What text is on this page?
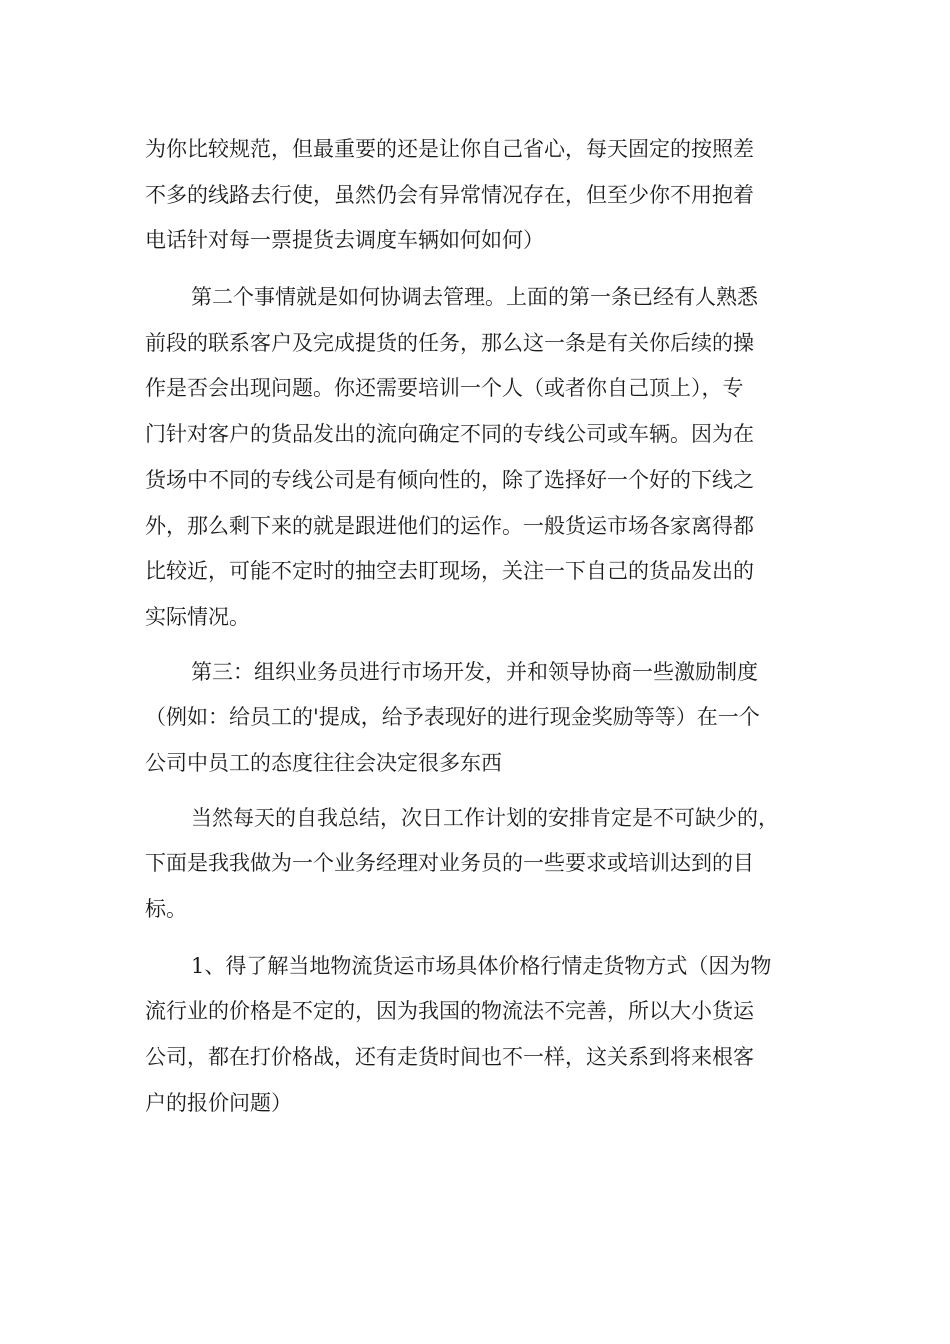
为你比较规范，但最重要的还是让你自己省心，每天固定的按照差
不多的线路去行使，虽然仍会有异常情况存在，但至少你不用抱着
电话针对每一票提货去调度车辆如何如何）
第二个事情就是如何协调去管理。上面的第一条已经有人熟悉
前段的联系客户及完成提货的任务，那么这一条是有关你后续的操
作是否会出现问题。你还需要培训一个人（或者你自己顶上），专
门针对客户的货品发出的流向确定不同的专线公司或车辆。因为在
货场中不同的专线公司是有倾向性的，除了选择好一个好的下线之
外，那么剩下来的就是跟进他们的运作。一般货运市场各家离得都
比较近，可能不定时的抽空去盯现场，关注一下自己的货品发出的
实际情况。
第三：组织业务员进行市场开发，并和领导协商一些激励制度
（例如：给员工的'提成，给予表现好的进行现金奖励等等）在一个
公司中员工的态度往往会决定很多东西
当然每天的自我总结，次日工作计划的安排肯定是不可缺少的，
下面是我我做为一个业务经理对业务员的一些要求或培训达到的目
标。
1、得了解当地物流货运市场具体价格行情走货物方式（因为物
流行业的价格是不定的，因为我国的物流法不完善，所以大小货运
公司，都在打价格战，还有走货时间也不一样，这关系到将来根客
户的报价问题）
